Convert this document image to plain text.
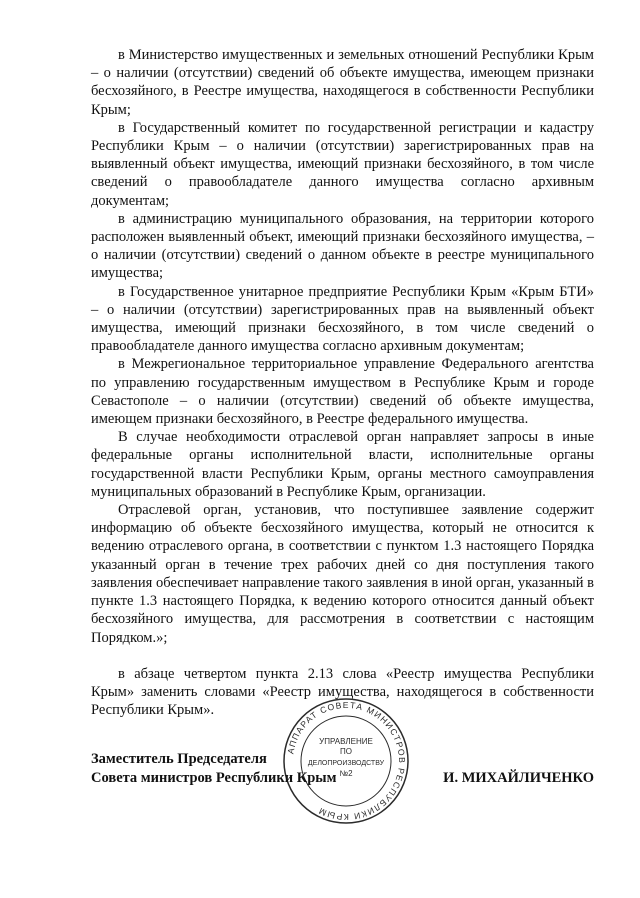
в Министерство имущественных и земельных отношений Республики Крым – о наличии (отсутствии) сведений об объекте имущества, имеющем признаки бесхозяйного, в Реестре имущества, находящегося в собственности Республики Крым;

в Государственный комитет по государственной регистрации и кадастру Республики Крым – о наличии (отсутствии) зарегистрированных прав на выявленный объект имущества, имеющий признаки бесхозяйного, в том числе сведений о правообладателе данного имущества согласно архивным документам;

в администрацию муниципального образования, на территории которого расположен выявленный объект, имеющий признаки бесхозяйного имущества, – о наличии (отсутствии) сведений о данном объекте в реестре муниципального имущества;

в Государственное унитарное предприятие Республики Крым «Крым БТИ» – о наличии (отсутствии) зарегистрированных прав на выявленный объект имущества, имеющий признаки бесхозяйного, в том числе сведений о правообладателе данного имущества согласно архивным документам;

в Межрегиональное территориальное управление Федерального агентства по управлению государственным имуществом в Республике Крым и городе Севастополе – о наличии (отсутствии) сведений об объекте имущества, имеющем признаки бесхозяйного, в Реестре федерального имущества.

В случае необходимости отраслевой орган направляет запросы в иные федеральные органы исполнительной власти, исполнительные органы государственной власти Республики Крым, органы местного самоуправления муниципальных образований в Республике Крым, организации.

Отраслевой орган, установив, что поступившее заявление содержит информацию об объекте бесхозяйного имущества, который не относится к ведению отраслевого органа, в соответствии с пунктом 1.3 настоящего Порядка указанный орган в течение трех рабочих дней со дня поступления такого заявления обеспечивает направление такого заявления в иной орган, указанный в пункте 1.3 настоящего Порядка, к ведению которого относится данный объект бесхозяйного имущества, для рассмотрения в соответствии с настоящим Порядком.»;

в абзаце четвертом пункта 2.13 слова «Реестр имущества Республики Крым» заменить словами «Реестр имущества, находящегося в собственности Республики Крым».

АППАРАТ СОВЕТА МИНИСТРОВ РЕСПУБЛИКИ КРЫМ
УПРАВЛЕНИЕ
ПО
ДЕЛОПРОИЗВОДСТВУ
№2
Заместитель Председателя
Совета министров Республики Крым	И. МИХАЙЛИЧЕНКО
